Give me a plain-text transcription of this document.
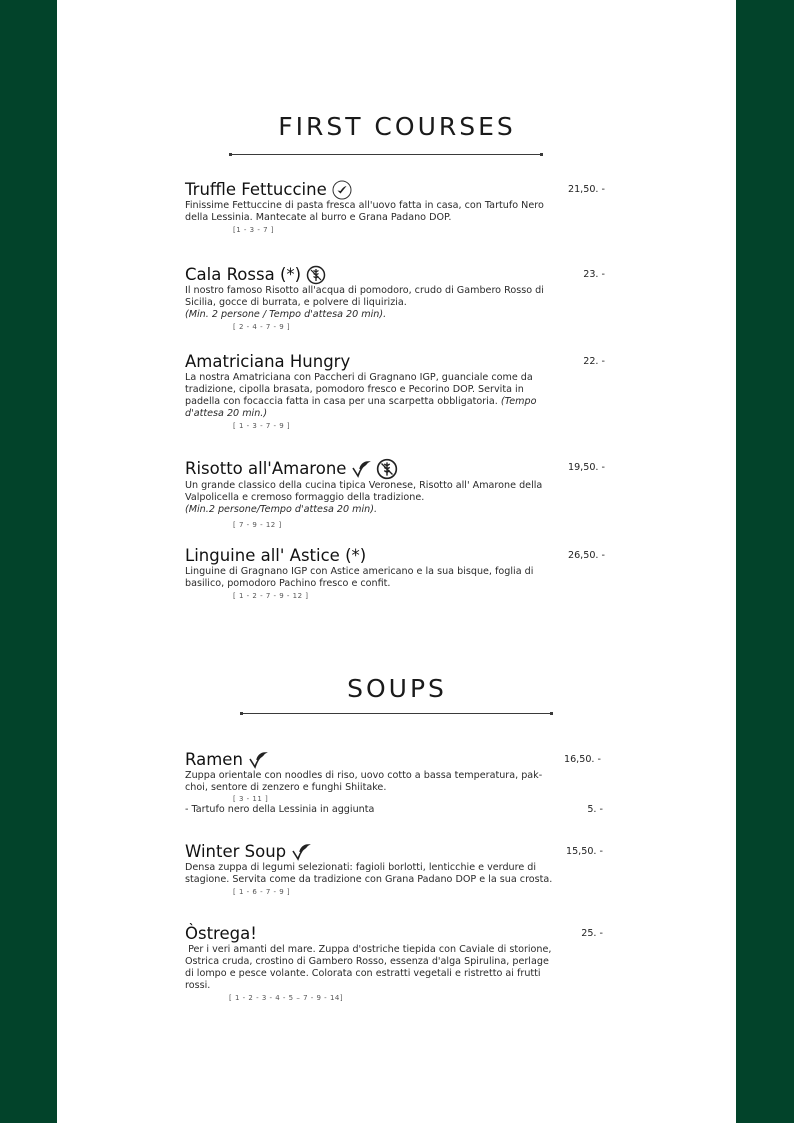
FIRST COURSES
Truffle Fettuccine	21,50. -
Finissime Fettuccine di pasta fresca all'uovo fatta in casa, con Tartufo Nero della Lessinia. Mantecate al burro e Grana Padano DOP.
[1 - 3 - 7 ]
Cala Rossa (*)	23. -
Il nostro famoso Risotto all'acqua di pomodoro, crudo di Gambero Rosso di Sicilia, gocce di burrata, e polvere di liquirizia.
(Min. 2 persone / Tempo d'attesa 20 min).
[ 2 - 4 - 7 - 9 ]
Amatriciana Hungry	22. -
La nostra Amatriciana con Paccheri di Gragnano IGP, guanciale come da tradizione, cipolla brasata, pomodoro fresco e Pecorino DOP. Servita in padella con focaccia fatta in casa per una scarpetta obbligatoria. (Tempo d'attesa 20 min.)
[ 1 - 3 - 7 - 9 ]
Risotto all'Amarone	19,50. -
Un grande classico della cucina tipica Veronese, Risotto all' Amarone della Valpolicella e cremoso formaggio della tradizione.
(Min.2 persone/Tempo d'attesa 20 min).
[ 7 - 9 - 12 ]
Linguine all' Astice (*)	26,50. -
Linguine di Gragnano IGP con Astice americano e la sua bisque, foglia di basilico, pomodoro Pachino fresco e confit.
[ 1 - 2 - 7 - 9 - 12 ]
SOUPS
Ramen	16,50. -
Zuppa orientale con noodles di riso, uovo cotto a bassa temperatura, pak-choi, sentore di zenzero e funghi Shiitake.
[ 3 - 11 ]
- Tartufo nero della Lessinia in aggiunta	5. -
Winter Soup	15,50. -
Densa zuppa di legumi selezionati: fagioli borlotti, lenticchie e verdure di stagione. Servita come da tradizione con Grana Padano DOP e la sua crosta.
[ 1 - 6 - 7 - 9 ]
Òstrega!	25. -
Per i veri amanti del mare. Zuppa d'ostriche tiepida con Caviale di storione, Ostrica cruda, crostino di Gambero Rosso, essenza d'alga Spirulina, perlage di lompo e pesce volante. Colorata con estratti vegetali e ristretto ai frutti rossi.
[ 1 - 2 - 3 - 4 - 5 – 7 - 9 - 14]
